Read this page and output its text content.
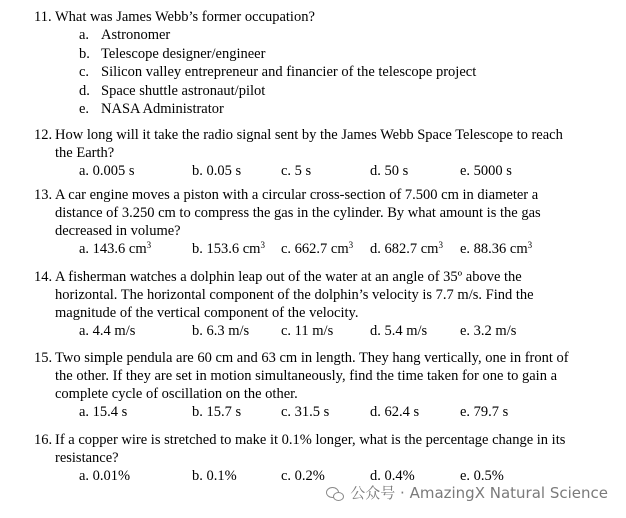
11. What was James Webb’s former occupation?
a. Astronomer
b. Telescope designer/engineer
c. Silicon valley entrepreneur and financier of the telescope project
d. Space shuttle astronaut/pilot
e. NASA Administrator
12. How long will it take the radio signal sent by the James Webb Space Telescope to reach
the Earth?
a. 0.005 s	b. 0.05 s	c. 5 s	d. 50 s	e. 5000 s
13. A car engine moves a piston with a circular cross-section of 7.500 cm in diameter a
distance of 3.250 cm to compress the gas in the cylinder. By what amount is the gas
decreased in volume?
a. 143.6 $cm^3$	b. 153.6 $cm^3$ c. 662.7 $cm^3$ d. 682.7 $cm^3$ e. 88.36 $cm^3$
14. A fisherman watches a dolphin leap out of the water at an angle of 35º above the
horizontal. The horizontal component of the dolphin’s velocity is 7.7 m/s. Find the
magnitude of the vertical component of the velocity.
a. 4.4 m/s	b. 6.3 m/s c. 11 m/s	d. 5.4 m/s e. 3.2 m/s
15. Two simple pendula are 60 cm and 63 cm in length. They hang vertically, one in front of
the other. If they are set in motion simultaneously, find the time taken for one to gain a
complete cycle of oscillation on the other.
a. 15.4 s	b. 15.7 s	c. 31.5 s	d. 62.4 s	e. 79.7 s
16. If a copper wire is stretched to make it 0.1% longer, what is the percentage change in its
resistance?
a. 0.01%	b. 0.1%	c. 0.2%	d. 0.4%	e. 0.5%
公众号 · AmazingX Natural Science
